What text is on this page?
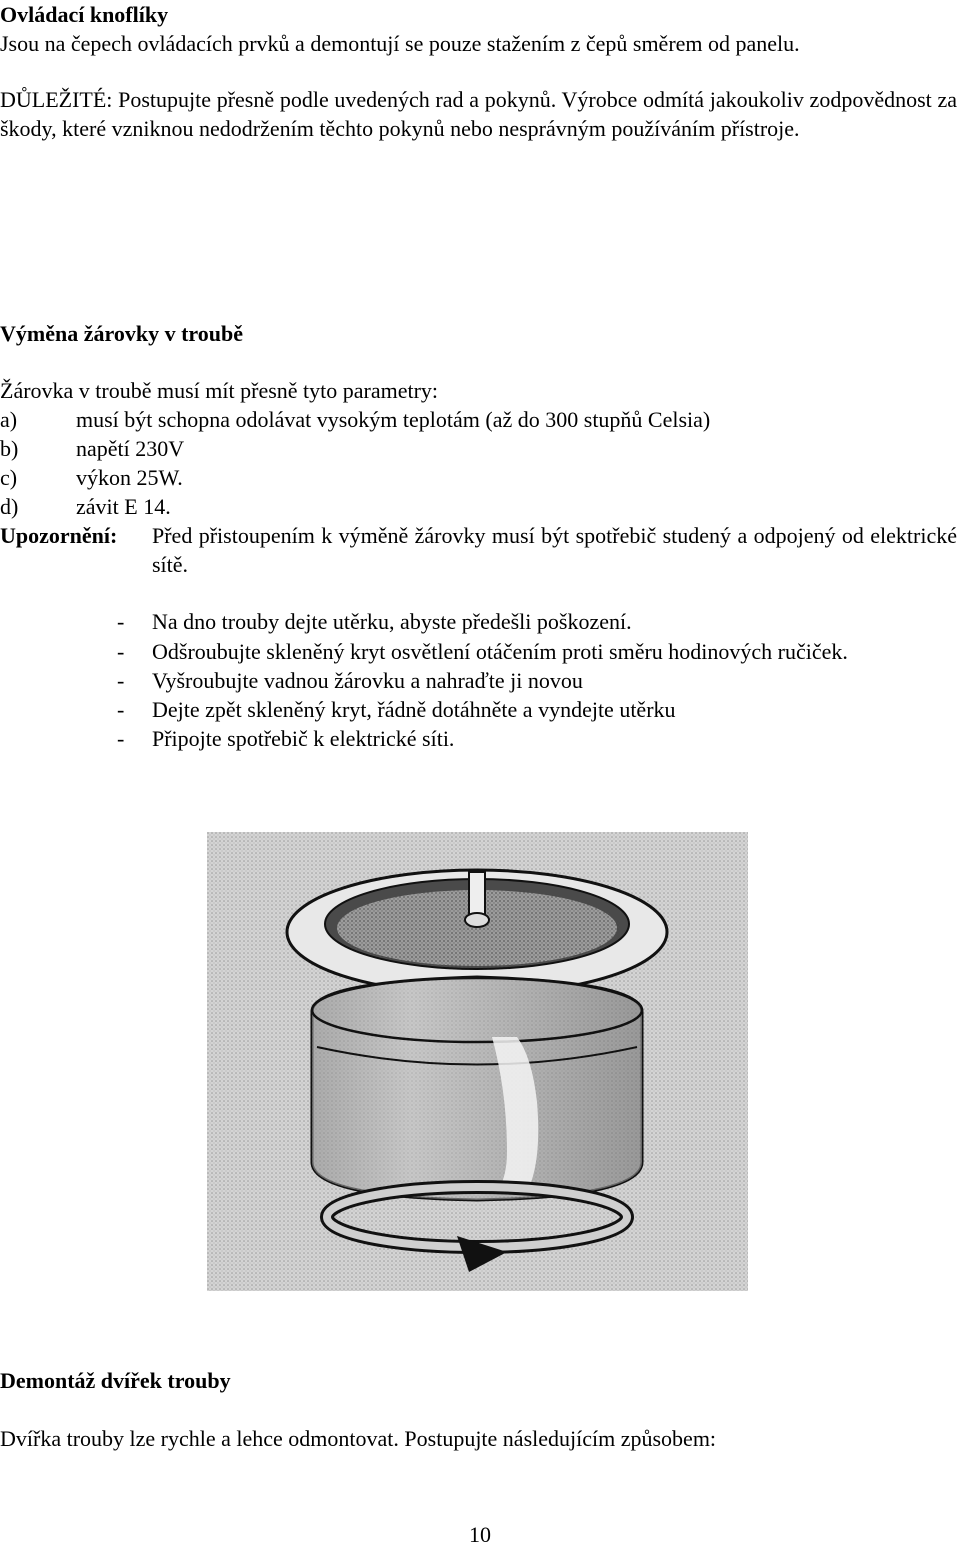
Ovládací knoflíky
Jsou na čepech ovládacích prvků a demontují se pouze stažením z čepů směrem od panelu.
DŮLEŽITÉ: Postupujte přesně podle uvedených rad a pokynů. Výrobce odmítá jakoukoliv zodpovědnost za škody, které vzniknou nedodržením těchto pokynů nebo nesprávným používáním přístroje.
Výměna žárovky v troubě
Žárovka v troubě musí mít přesně tyto parametry:
a)	musí být schopna odolávat vysokým teplotám (až do 300 stupňů Celsia)
b)	napětí 230V
c)	výkon 25W.
d)	závit E 14.
Upozornění: Před přistoupením k výměně žárovky musí být spotřebič studený a odpojený od elektrické sítě.
- Na dno trouby dejte utěrku, abyste předešli poškození.
- Odšroubujte skleněný kryt osvětlení otáčením proti směru hodinových ručiček.
- Vyšroubujte vadnou žárovku a nahraďte ji novou
- Dejte zpět skleněný kryt, řádně dotáhněte a vyndejte utěrku
- Připojte spotřebič k elektrické síti.
Demontáž dvířek trouby
Dvířka trouby lze rychle a lehce odmontovat. Postupujte následujícím způsobem:
10
